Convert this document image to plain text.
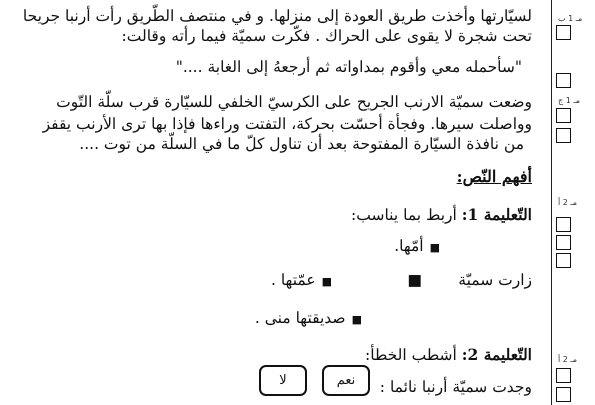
لسيّارتها وأخذت طريق العودة إلى منزلها. و في منتصف الطّريق رأت أرنبا جريحا
تحت شجرة لا يقوى على الحراك . فكّرت سميّة فيما رأته وقالت:
"سأحمله معي وأقوم بمداواته ثم أرجعهُ إلى الغابة ...."
وضعت سميّة الارنب الجريح على الكرسيّ الخلفي للسيّارة قرب سلّة التّوت
وواصلت سيرها. وفجأة أحسّت بحركة، التفتت وراءها فإذا بها ترى الأرنب يقفز
من نافذة السيّارة المفتوحة بعد أن تناول كلّ ما في السلّة من توت ....
أفهم النّص:
التّعليمة 1: أربط بما يناسب:
■أمّها.
زارت سميّة
■
■عمّتها .
■صديقتها منى .
التّعليمة 2: أشطب الخطأ:
وجدت سميّة أرنبا نائما :
نعم
لا
مـ 1 ب
مـ 1 ج
مـ 2 أ
مـ 2 أ
